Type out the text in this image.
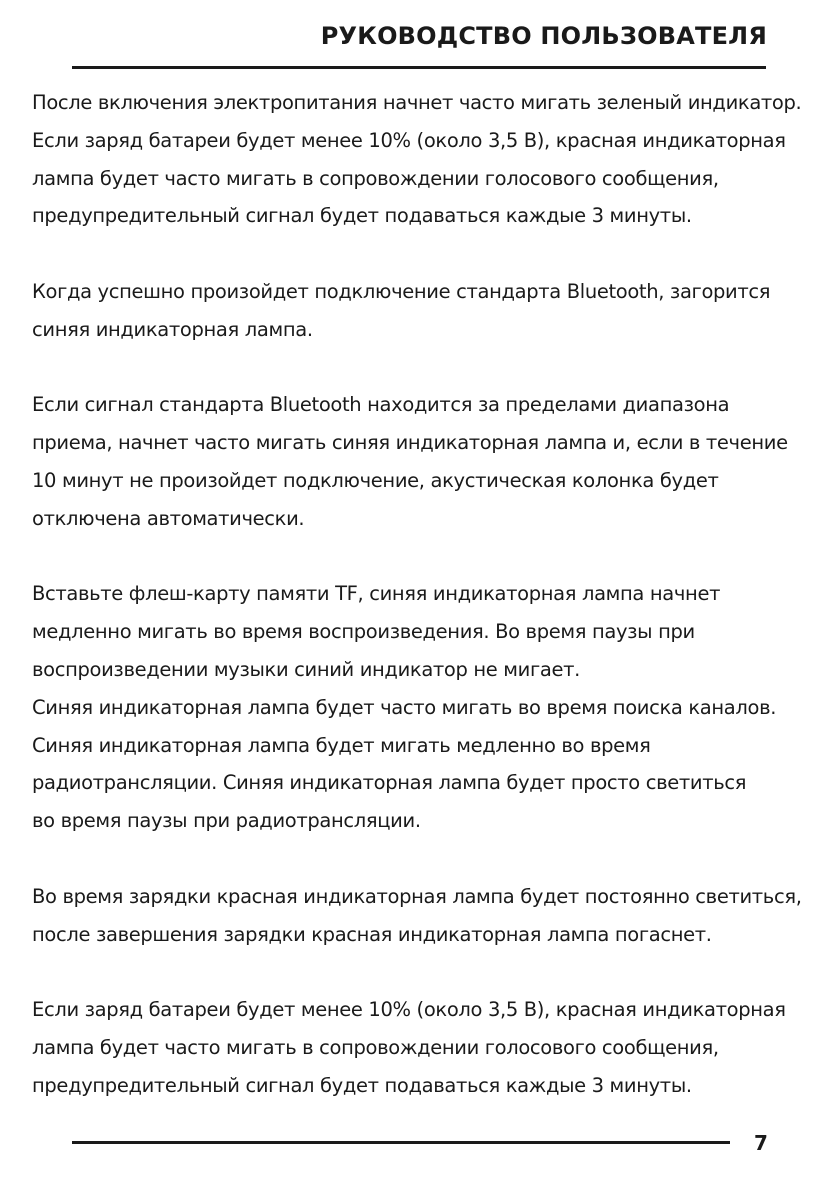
РУКОВОДСТВО ПОЛЬЗОВАТЕЛЯ

После включения электропитания начнет часто мигать зеленый индикатор.

Если заряд батареи будет менее 10% (около 3,5 В), красная индикаторная

лампа будет часто мигать в сопровождении голосового сообщения,

предупредительный сигнал будет подаваться каждые 3 минуты.

Когда успешно произойдет подключение стандарта Bluetooth, загорится

синяя индикаторная лампа.

Если сигнал стандарта Bluetooth находится за пределами диапазона

приема, начнет часто мигать синяя индикаторная лампа и, если в течение

10 минут не произойдет подключение, акустическая колонка будет

отключена автоматически.

Вставьте флеш-карту памяти TF, синяя индикаторная лампа начнет

медленно мигать во время воспроизведения. Во время паузы при

воспроизведении музыки синий индикатор не мигает.

Синяя индикаторная лампа будет часто мигать во время поиска каналов.

Синяя индикаторная лампа будет мигать медленно во время

радиотрансляции. Синяя индикаторная лампа будет просто светиться

во время паузы при радиотрансляции.

Во время зарядки красная индикаторная лампа будет постоянно светиться,

после завершения зарядки красная индикаторная лампа погаснет.

Если заряд батареи будет менее 10% (около 3,5 В), красная индикаторная

лампа будет часто мигать в сопровождении голосового сообщения,

предупредительный сигнал будет подаваться каждые 3 минуты.

7
